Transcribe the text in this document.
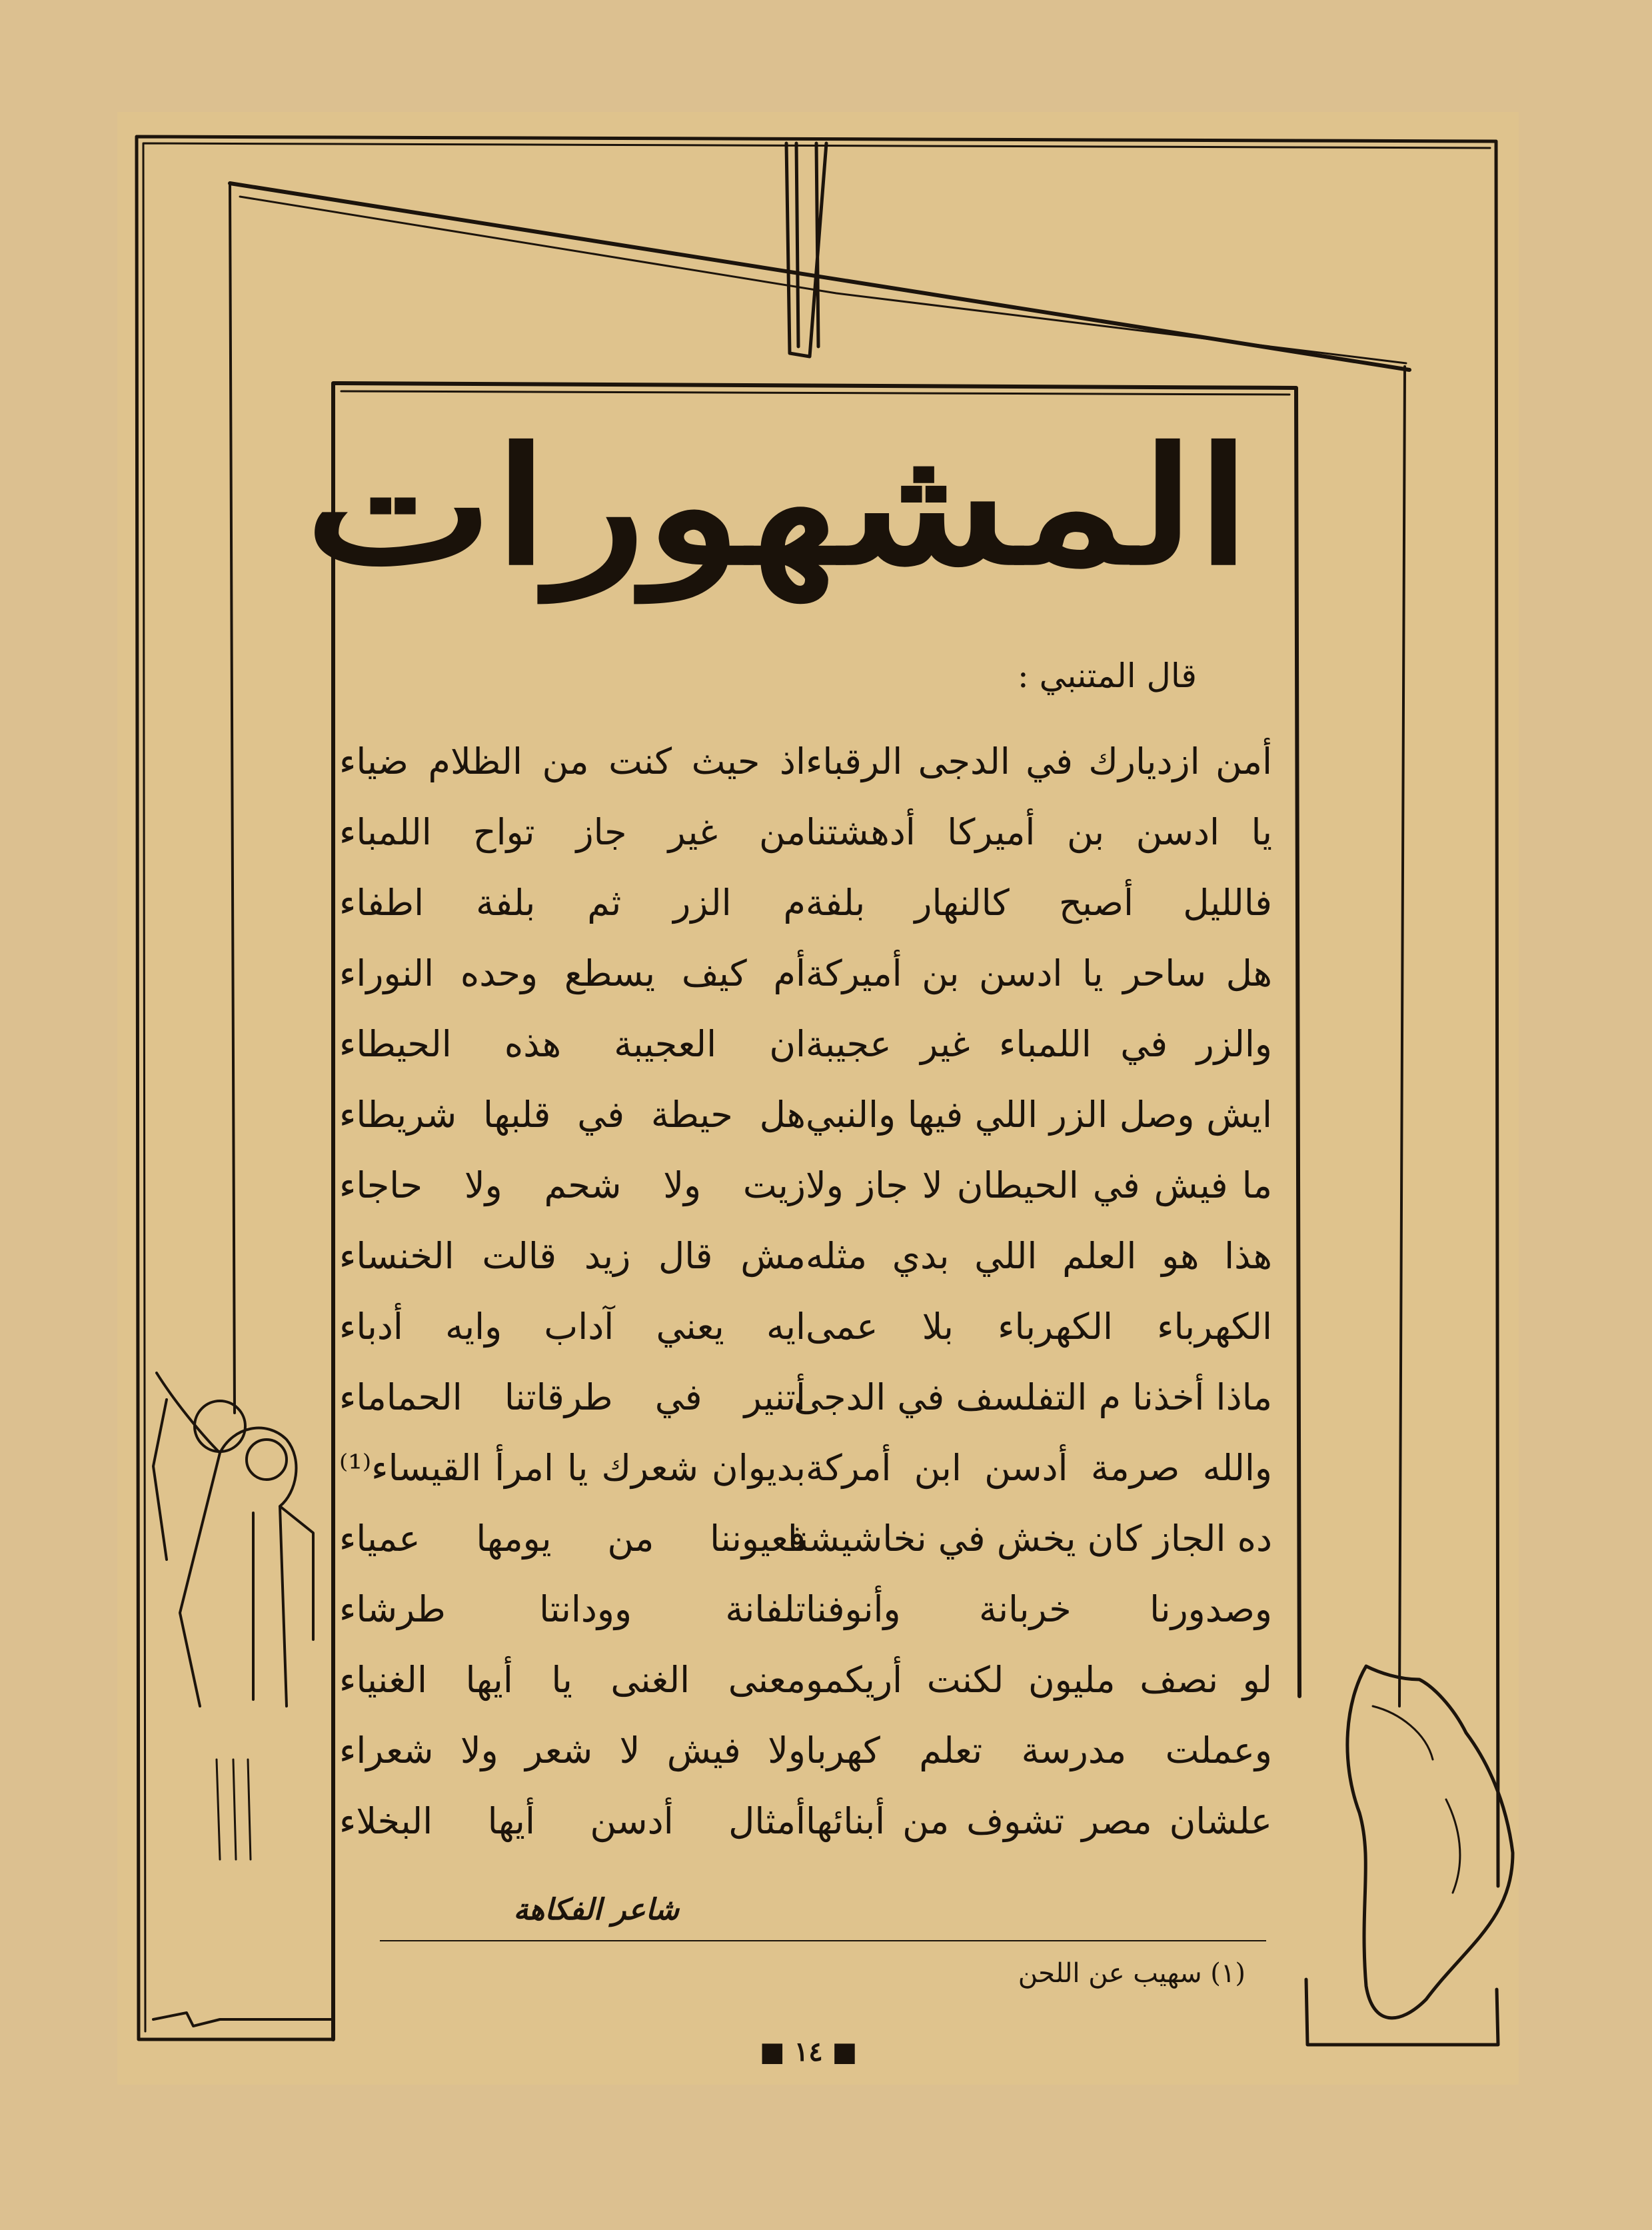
المشهورات
قال المتنبي :
أمن ازديارك في الدجى الرقباء
يا ادسن بن أميركا أدهشتنا
فالليل أصبح كالنهار بلفة
هل ساحر يا ادسن بن أميركة
والزر في اللمباء غير عجيبة
ايش وصل الزر اللي فيها والنبي
ما فيش في الحيطان لا جاز ولا
هذا هو العلم اللي بدي مثله
الكهرباء الكهرباء بلا عمى
ماذا أخذنا م التفلسف في الدجى
والله صرمة أدسن ابن أمركة
ده الجاز كان يخش في نخاشيشنا
وصدورنا خربانة وأنوفنا
لو نصف مليون لكنت أريكمو
وعملت مدرسة تعلم كهربا
علشان مصر تشوف من أبنائها
اذ حيث كنت من الظلام ضياء
من غير جاز تواح اللمباء
م الزر ثم بلفة اطفاء
أم كيف يسطع وحده النوراء
ان العجيبة هذه الحيطاء
هل حيطة في قلبها شريطاء
زيت ولا شحم ولا حاجاء
مش قال زيد قالت الخنساء
ايه يعني آداب وايه أدباء
أتنير في طرقاتنا الحماماء
بديوان شعرك يا امرأ القيساء⁽¹⁾
فعيوننا من يومها عمياء
تلفانة وودانتا طرشاء
معنى الغنى يا أيها الغنياء
ولا فيش لا شعر ولا شعراء
أمثال أدسن أيها البخلاء
شاعر الفكاهة
(١) سهيب عن اللحن
■ ١٤ ■
